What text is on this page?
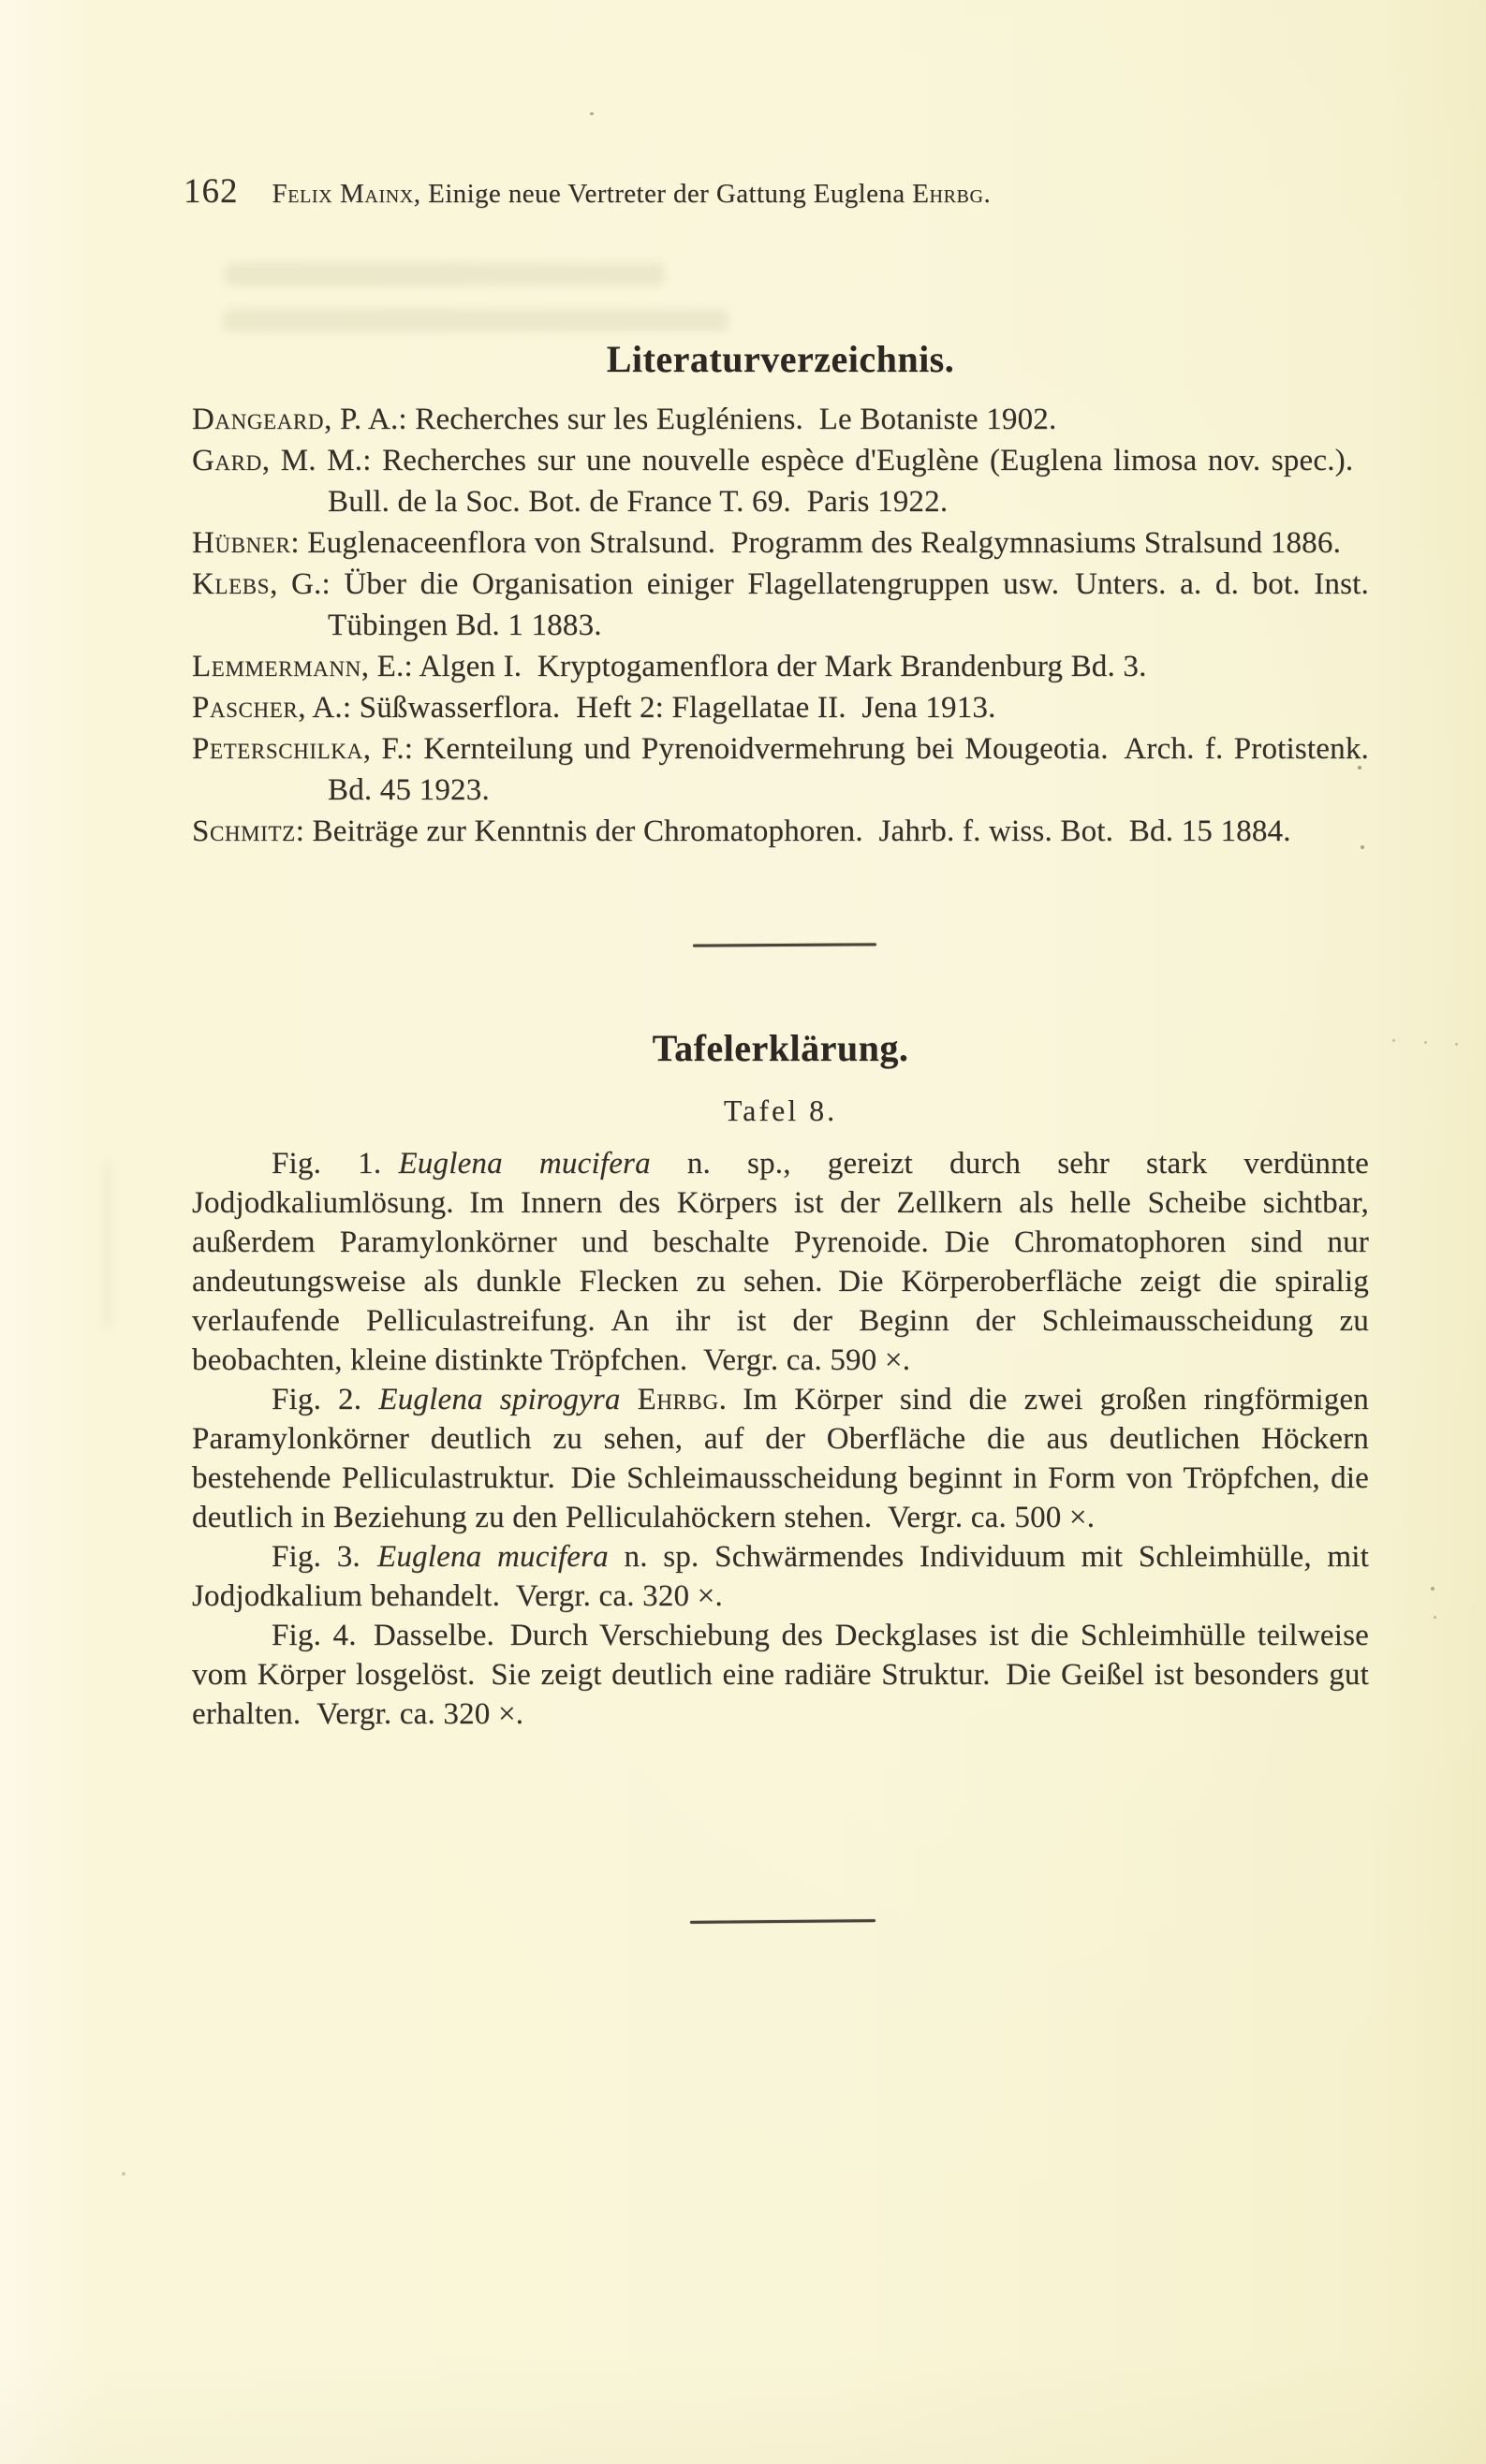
162 Felix Mainx, Einige neue Vertreter der Gattung Euglena Ehrbg.
Literaturverzeichnis.

Dangeard, P. A.: Recherches sur les Eugléniens. Le Botaniste 1902.

Gard, M. M.: Recherches sur une nouvelle espèce d'Euglène (Euglena limosa nov. spec.). Bull. de la Soc. Bot. de France T. 69. Paris 1922.

Hübner: Euglenaceenflora von Stralsund. Programm des Realgymnasiums Stralsund 1886.

Klebs, G.: Über die Organisation einiger Flagellatengruppen usw. Unters. a. d. bot. Inst. Tübingen Bd. 1 1883.

Lemmermann, E.: Algen I. Kryptogamenflora der Mark Brandenburg Bd. 3.

Pascher, A.: Süßwasserflora. Heft 2: Flagellatae II. Jena 1913.

Peterschilka, F.: Kernteilung und Pyrenoidvermehrung bei Mougeotia. Arch. f. Protistenk. Bd. 45 1923.

Schmitz: Beiträge zur Kenntnis der Chromatophoren. Jahrb. f. wiss. Bot. Bd. 15 1884.

Tafelerklärung.
Tafel 8.

Fig. 1. Euglena mucifera n. sp., gereizt durch sehr stark verdünnte Jodjodkaliumlösung. Im Innern des Körpers ist der Zellkern als helle Scheibe sichtbar, außerdem Paramylonkörner und beschalte Pyrenoide. Die Chromatophoren sind nur andeutungsweise als dunkle Flecken zu sehen. Die Körperoberfläche zeigt die spiralig verlaufende Pelliculastreifung. An ihr ist der Beginn der Schleimausscheidung zu beobachten, kleine distinkte Tröpfchen. Vergr. ca. 590 ×.

Fig. 2. Euglena spirogyra Ehrbg. Im Körper sind die zwei großen ringförmigen Paramylonkörner deutlich zu sehen, auf der Oberfläche die aus deutlichen Höckern bestehende Pelliculastruktur. Die Schleimausscheidung beginnt in Form von Tröpfchen, die deutlich in Beziehung zu den Pelliculahöckern stehen. Vergr. ca. 500 ×.

Fig. 3. Euglena mucifera n. sp. Schwärmendes Individuum mit Schleimhülle, mit Jodjodkalium behandelt. Vergr. ca. 320 ×.

Fig. 4. Dasselbe. Durch Verschiebung des Deckglases ist die Schleimhülle teilweise vom Körper losgelöst. Sie zeigt deutlich eine radiäre Struktur. Die Geißel ist besonders gut erhalten. Vergr. ca. 320 ×.
